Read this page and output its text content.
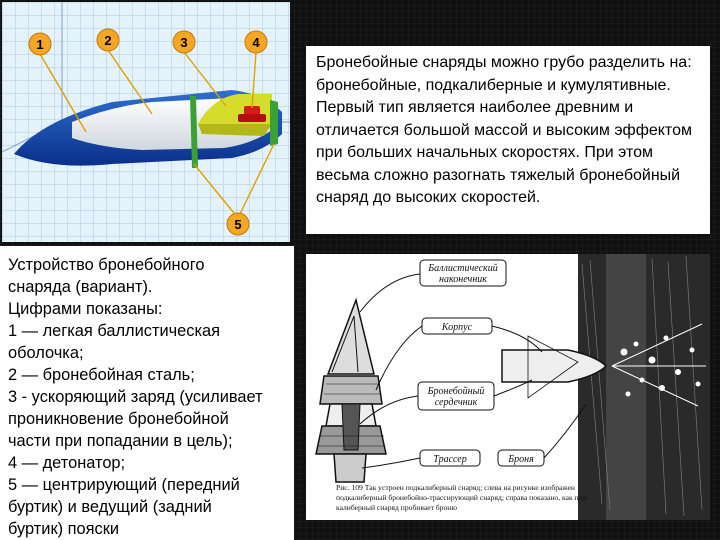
1	2	3	4
5
Устройство бронебойного
снаряда (вариант).
Цифрами показаны:
1 — легкая баллистическая
оболочка;
2 — бронебойная сталь;
3 - ускоряющий заряд (усиливает
проникновение бронебойной
части при попадании в цель);
4 — детонатор;
5 — центрирующий (передний
буртик) и ведущий (задний
буртик) пояски
Бронебойные снаряды можно грубо разделить на: бронебойные, подкалиберные и кумулятивные. Первый тип является наиболее древним и отличается большой массой и высоким эффектом при больших начальных скоростях. При этом весьма сложно разогнать тяжелый бронебойный снаряд до высоких скоростей.
Баллистический
наконечник
Корпус
Бронебойный
сердечник
Трассер	Броня
Рис. 109 Так устроен подкалиберный снаряд; слева на рисунке изображен
подкалиберный бронебойно-трассирующий снаряд; справа показано, как под-
калиберный снаряд пробивает броню
